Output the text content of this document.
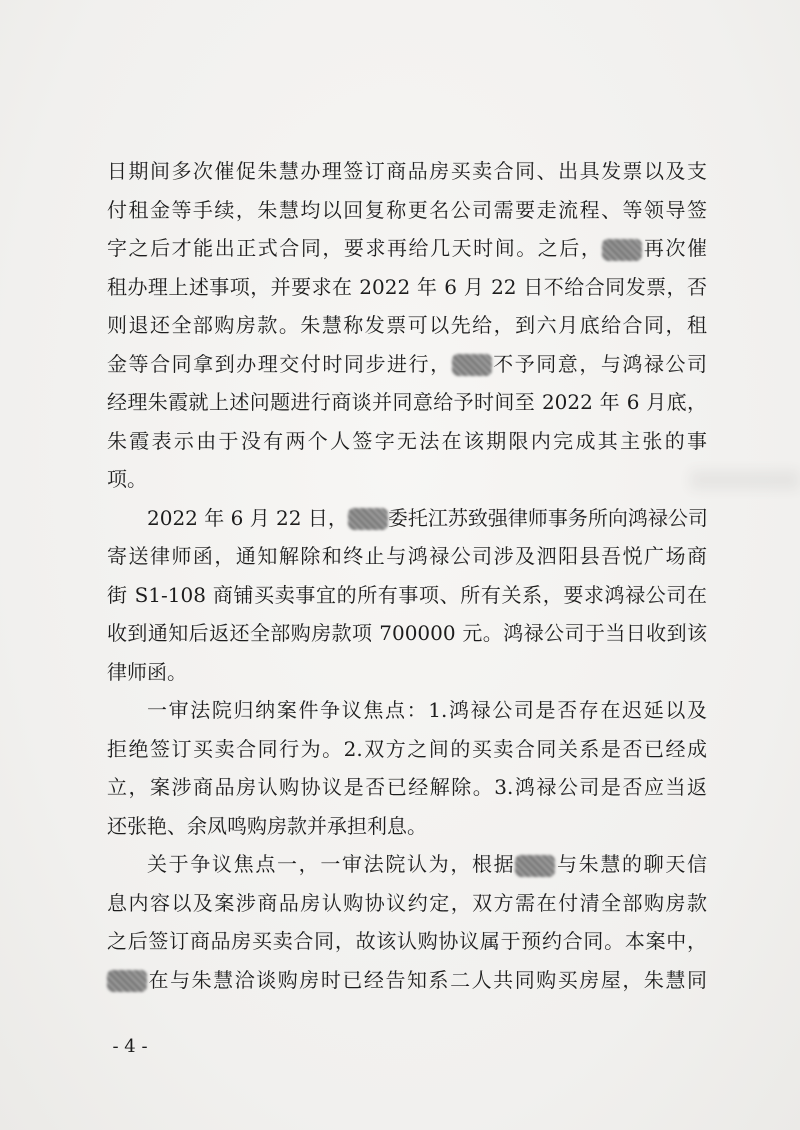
日期间多次催促朱慧办理签订商品房买卖合同、出具发票以及支
付租金等手续，朱慧均以回复称更名公司需要走流程、等领导签
字之后才能出正式合同，要求再给几天时间。之后， 再次催
租办理上述事项，并要求在 2022 年 6 月 22 日不给合同发票，否
则退还全部购房款。朱慧称发票可以先给，到六月底给合同，租
金等合同拿到办理交付时同步进行， 不予同意，与鸿禄公司
经理朱霞就上述问题进行商谈并同意给予时间至 2022 年 6 月底，
朱霞表示由于没有两个人签字无法在该期限内完成其主张的事
项。
2022 年 6 月 22 日， 委托江苏致强律师事务所向鸿禄公司
寄送律师函，通知解除和终止与鸿禄公司涉及泗阳县吾悦广场商
街 S1-108 商铺买卖事宜的所有事项、所有关系，要求鸿禄公司在
收到通知后返还全部购房款项 700000 元。鸿禄公司于当日收到该
律师函。
一审法院归纳案件争议焦点：1.鸿禄公司是否存在迟延以及
拒绝签订买卖合同行为。2.双方之间的买卖合同关系是否已经成
立，案涉商品房认购协议是否已经解除。3.鸿禄公司是否应当返
还张艳、余凤鸣购房款并承担利息。
关于争议焦点一，一审法院认为，根据 与朱慧的聊天信
息内容以及案涉商品房认购协议约定，双方需在付清全部购房款
之后签订商品房买卖合同，故该认购协议属于预约合同。本案中，
在与朱慧洽谈购房时已经告知系二人共同购买房屋，朱慧同
- 4 -
